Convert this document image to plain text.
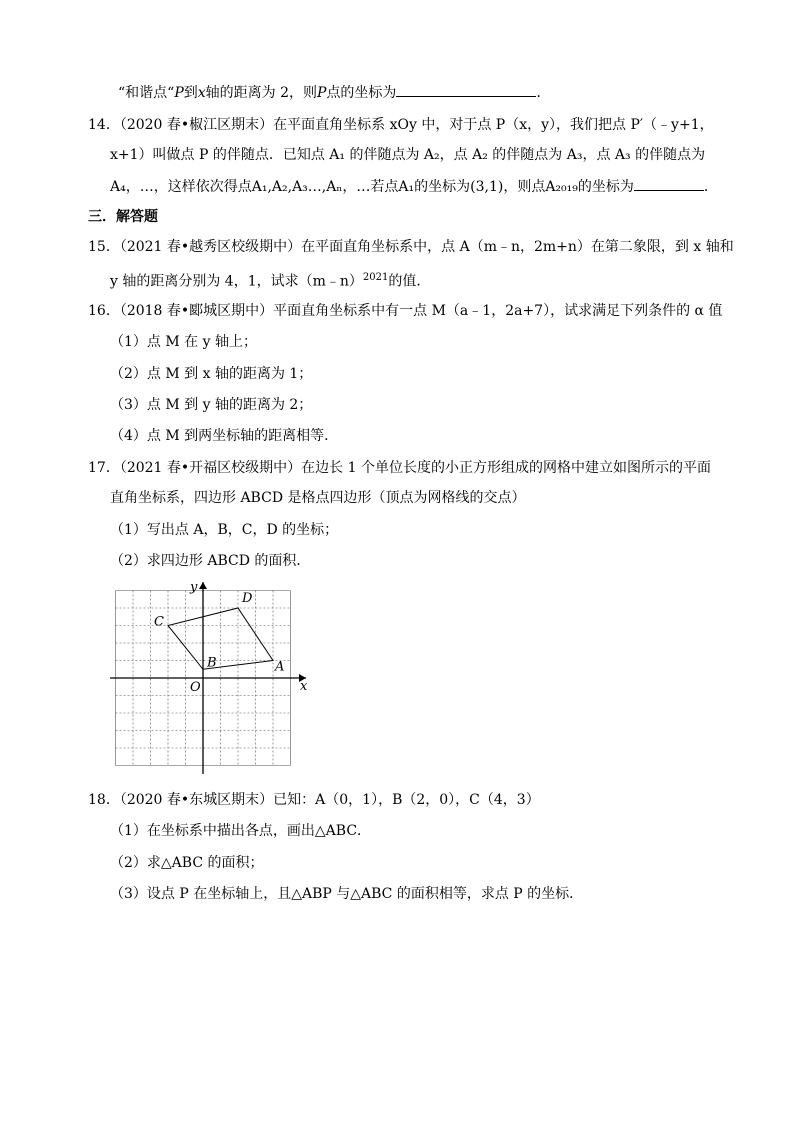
“和谐点“P到x轴的距离为 2，则P点的坐标为	．
14．（2020 春•椒江区期末）在平面直角坐标系 xOy 中，对于点 P（x，y），我们把点 P′（﹣y+1，
x+1）叫做点 P 的伴随点．已知点 A₁ 的伴随点为 A₂，点 A₂ 的伴随点为 A₃，点 A₃ 的伴随点为
A₄，…，这样依次得点A₁,A₂,A₃…,Aₙ，…若点A₁的坐标为(3,1)，则点A₂₀₁₉的坐标为	．
三．解答题
15．（2021 春•越秀区校级期中）在平面直角坐标系中，点 A（m﹣n，2m+n）在第二象限，到 x 轴和
y 轴的距离分别为 4，1，试求（m﹣n）$^{2021}$的值．
16．（2018 春•郾城区期中）平面直角坐标系中有一点 M（a﹣1，2a+7），试求满足下列条件的 α 值
（1）点 M 在 y 轴上；
（2）点 M 到 x 轴的距离为 1；
（3）点 M 到 y 轴的距离为 2；
（4）点 M 到两坐标轴的距离相等．
17．（2021 春•开福区校级期中）在边长 1 个单位长度的小正方形组成的网格中建立如图所示的平面
直角坐标系，四边形 ABCD 是格点四边形（顶点为网格线的交点）
（1）写出点 A，B，C，D 的坐标；
（2）求四边形 ABCD 的面积．
x
y
O
A
B
C
D
18．（2020 春•东城区期末）已知：A（0，1），B（2，0），C（4，3）
（1）在坐标系中描出各点，画出△ABC．
（2）求△ABC 的面积；
（3）设点 P 在坐标轴上，且△ABP 与△ABC 的面积相等，求点 P 的坐标．
